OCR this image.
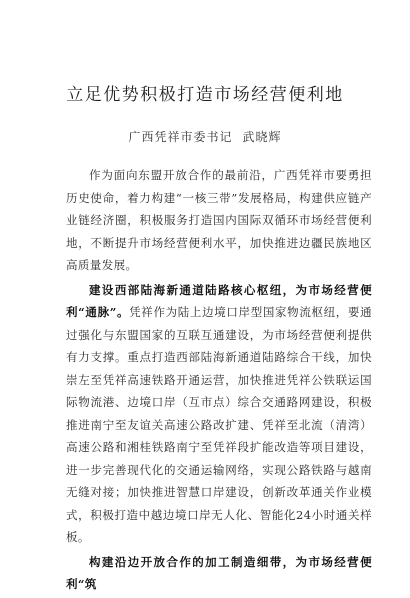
立足优势积极打造市场经营便利地
广西凭祥市委书记 武晓辉

作为面向东盟开放合作的最前沿，广西凭祥市要勇担历史使命，着力构建“一核三带”发展格局，构建供应链产业链经济圈，积极服务打造国内国际双循环市场经营便利地，不断提升市场经营便利水平，加快推进边疆民族地区高质量发展。

建设西部陆海新通道陆路核心枢纽，为市场经营便利“通脉”。凭祥作为陆上边境口岸型国家物流枢纽，要通过强化与东盟国家的互联互通建设，为市场经营便利提供有力支撑。重点打造西部陆海新通道陆路综合干线，加快崇左至凭祥高速铁路开通运营，加快推进凭祥公铁联运国际物流港、边境口岸（互市点）综合交通路网建设，积极推进南宁至友谊关高速公路改扩建、凭祥至北流（清湾）高速公路和湘桂铁路南宁至凭祥段扩能改造等项目建设，进一步完善现代化的交通运输网络，实现公路铁路与越南无缝对接；加快推进智慧口岸建设，创新改革通关作业模式，积极打造中越边境口岸无人化、智能化24小时通关样板。

构建沿边开放合作的加工制造细带，为市场经营便利“筑
